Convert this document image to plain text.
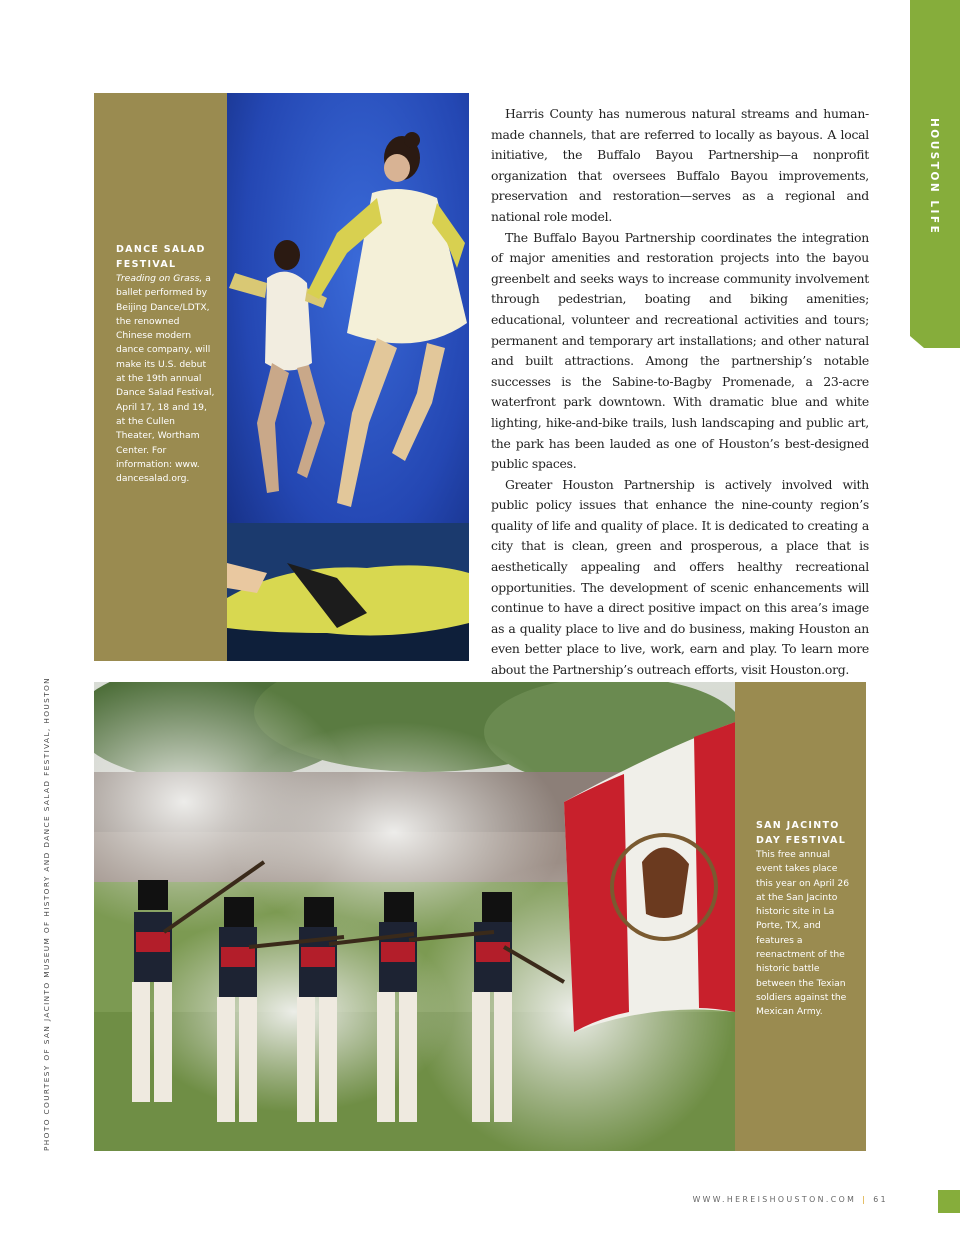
HOUSTON LIFE
DANCE SALAD FESTIVAL
Treading on Grass, a ballet performed by Beijing Dance/LDTX, the renowned Chinese modern dance company, will make its U.S. debut at the 19th annual Dance Salad Festival, April 17, 18 and 19, at the Cullen Theater, Wortham Center. For information: www. dancesalad.org.

Harris County has numerous natural streams and human-made channels, that are referred to locally as bayous. A local initiative, the Buffalo Bayou Partnership—a nonprofit organization that oversees Buffalo Bayou improvements, preservation and restoration—serves as a regional and national role model.

The Buffalo Bayou Partnership coordinates the integration of major amenities and restoration projects into the bayou greenbelt and seeks ways to increase community involvement through pedestrian, boating and biking amenities; educational, volunteer and recreational activities and tours; permanent and temporary art installations; and other natural and built attractions. Among the partnership’s notable successes is the Sabine-to-Bagby Promenade, a 23-acre waterfront park downtown. With dramatic blue and white lighting, hike-and-bike trails, lush landscaping and public art, the park has been lauded as one of Houston’s best-designed public spaces.

Greater Houston Partnership is actively involved with public policy issues that enhance the nine-county region’s quality of life and quality of place. It is dedicated to creating a city that is clean, green and prosperous, a place that is aesthetically appealing and offers healthy recreational opportunities. The development of scenic enhancements will continue to have a direct positive impact on this area’s image as a quality place to live and do business, making Houston an even better place to live, work, earn and play. To learn more about the Partnership’s outreach efforts, visit Houston.org.

SAN JACINTO DAY FESTIVAL
This free annual event takes place this year on April 26 at the San Jacinto historic site in La Porte, TX, and features a reenactment of the historic battle between the Texian soldiers against the Mexican Army.
PHOTO COURTESY OF SAN JACINTO MUSEUM OF HISTORY AND DANCE SALAD FESTIVAL, HOUSTON
WWW.HEREISHOUSTON.COM | 61
